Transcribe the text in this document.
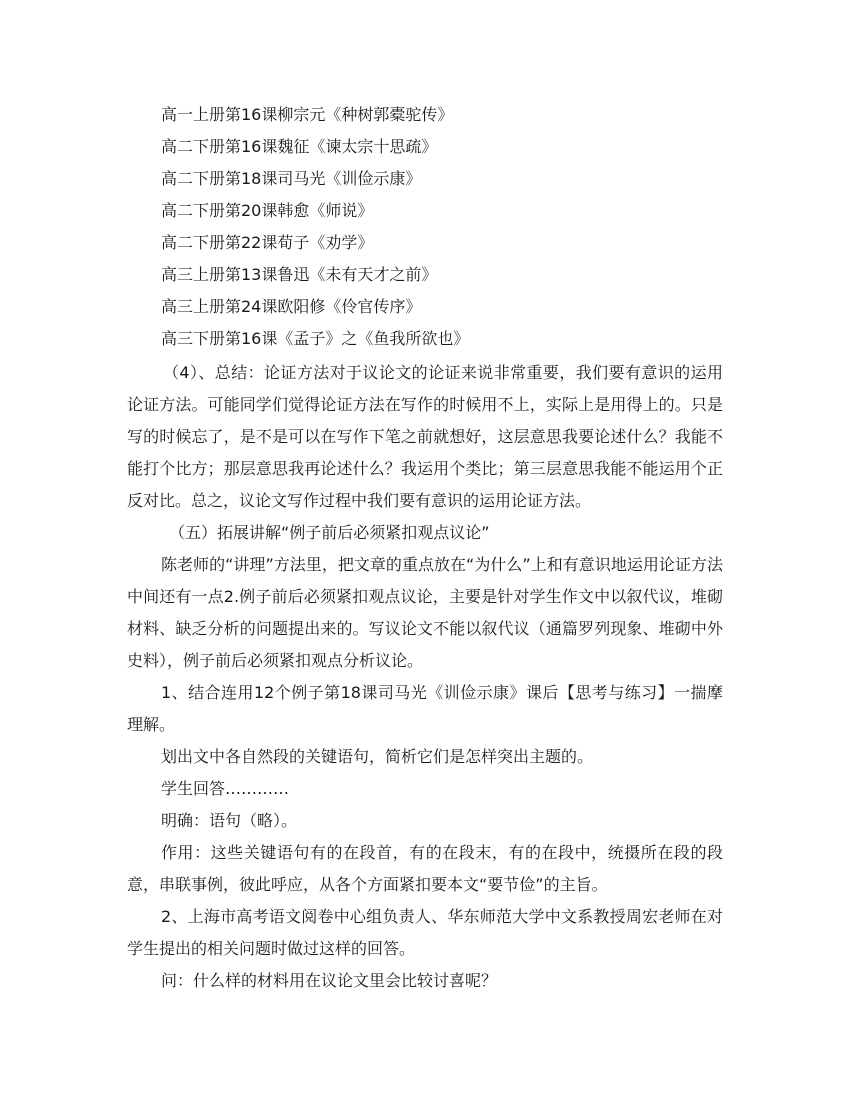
高一上册第16课柳宗元《种树郭橐驼传》
高二下册第16课魏征《谏太宗十思疏》
高二下册第18课司马光《训俭示康》
高二下册第20课韩愈《师说》
高二下册第22课荀子《劝学》
高三上册第13课鲁迅《未有天才之前》
高三上册第24课欧阳修《伶官传序》
高三下册第16课《孟子》之《鱼我所欲也》

（4）、总结：论证方法对于议论文的论证来说非常重要，我们要有意识的运用论证方法。可能同学们觉得论证方法在写作的时候用不上，实际上是用得上的。只是写的时候忘了，是不是可以在写作下笔之前就想好，这层意思我要论述什么？我能不能打个比方；那层意思我再论述什么？我运用个类比；第三层意思我能不能运用个正反对比。总之，议论文写作过程中我们要有意识的运用论证方法。

（五）拓展讲解“例子前后必须紧扣观点议论”

陈老师的“讲理”方法里，把文章的重点放在“为什么”上和有意识地运用论证方法中间还有一点2.例子前后必须紧扣观点议论，主要是针对学生作文中以叙代议，堆砌材料、缺乏分析的问题提出来的。写议论文不能以叙代议（通篇罗列现象、堆砌中外史料），例子前后必须紧扣观点分析议论。

1、结合连用12个例子第18课司马光《训俭示康》课后【思考与练习】一揣摩理解。

划出文中各自然段的关键语句，简析它们是怎样突出主题的。

学生回答…………

明确：语句（略）。

作用：这些关键语句有的在段首，有的在段末，有的在段中，统摄所在段的段意，串联事例，彼此呼应，从各个方面紧扣要本文“要节俭”的主旨。

2、上海市高考语文阅卷中心组负责人、华东师范大学中文系教授周宏老师在对学生提出的相关问题时做过这样的回答。

问：什么样的材料用在议论文里会比较讨喜呢？
